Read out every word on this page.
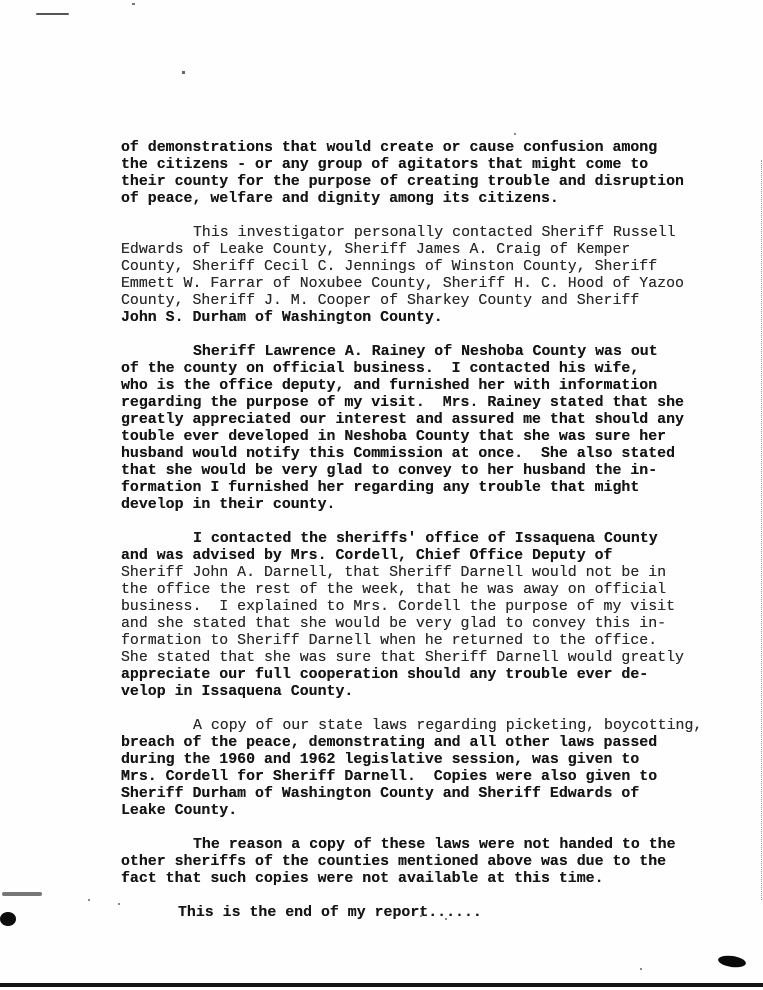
of demonstrations that would create or cause confusion among
the citizens - or any group of agitators that might come to
their county for the purpose of creating trouble and disruption
of peace, welfare and dignity among its citizens.
This investigator personally contacted Sheriff Russell
Edwards of Leake County, Sheriff James A. Craig of Kemper
County, Sheriff Cecil C. Jennings of Winston County, Sheriff
Emmett W. Farrar of Noxubee County, Sheriff H. C. Hood of Yazoo
County, Sheriff J. M. Cooper of Sharkey County and Sheriff
John S. Durham of Washington County.
Sheriff Lawrence A. Rainey of Neshoba County was out
of the county on official business.  I contacted his wife,
who is the office deputy, and furnished her with information
regarding the purpose of my visit.  Mrs. Rainey stated that she
greatly appreciated our interest and assured me that should any
touble ever developed in Neshoba County that she was sure her
husband would notify this Commission at once.  She also stated
that she would be very glad to convey to her husband the in-
formation I furnished her regarding any trouble that might
develop in their county.
I contacted the sheriffs' office of Issaquena County
and was advised by Mrs. Cordell, Chief Office Deputy of
Sheriff John A. Darnell, that Sheriff Darnell would not be in
the office the rest of the week, that he was away on official
business.  I explained to Mrs. Cordell the purpose of my visit
and she stated that she would be very glad to convey this in-
formation to Sheriff Darnell when he returned to the office.
She stated that she was sure that Sheriff Darnell would greatly
appreciate our full cooperation should any trouble ever de-
velop in Issaquena County.
A copy of our state laws regarding picketing, boycotting,
breach of the peace, demonstrating and all other laws passed
during the 1960 and 1962 legislative session, was given to
Mrs. Cordell for Sheriff Darnell.  Copies were also given to
Sheriff Durham of Washington County and Sheriff Edwards of
Leake County.
The reason a copy of these laws were not handed to the
other sheriffs of the counties mentioned above was due to the
fact that such copies were not available at this time.
This is the end of my report......
